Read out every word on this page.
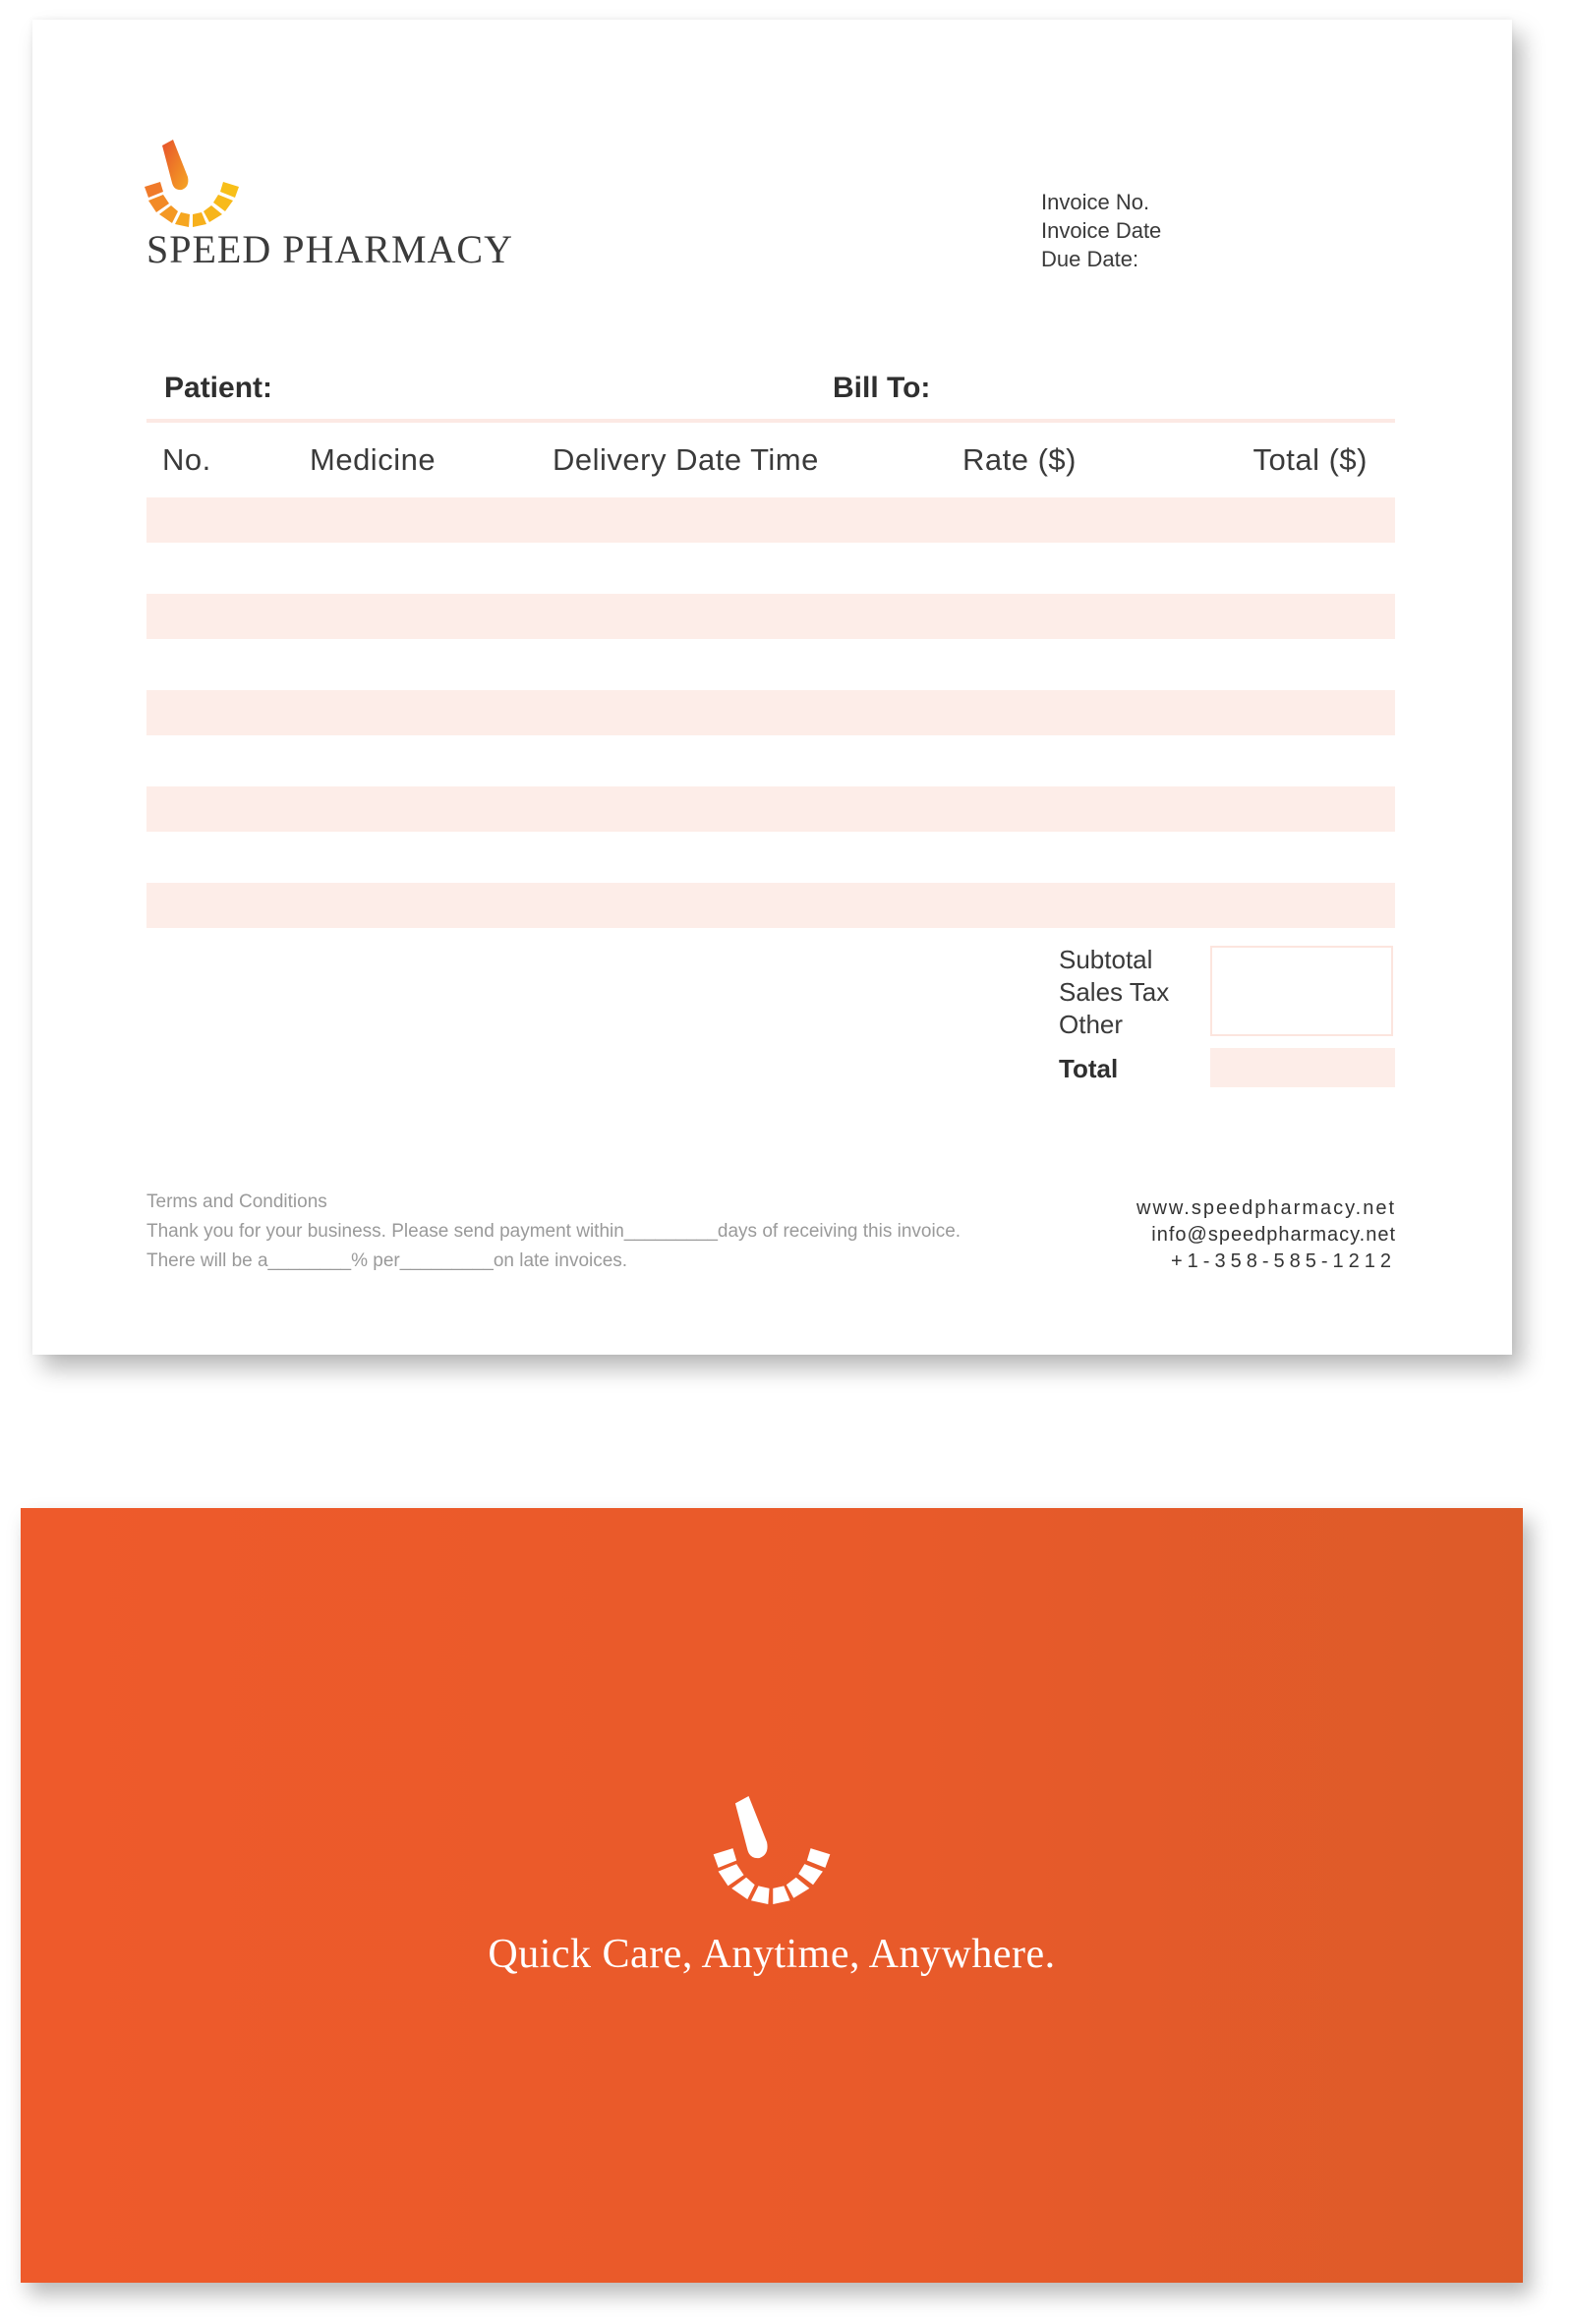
SPEED PHARMACY
Invoice No.
Invoice Date
Due Date:
Patient:	Bill To:
No.	Medicine	Delivery Date Time	Rate ($)	Total ($)
Subtotal
Sales Tax
Other
Total
Terms and Conditions
Thank you for your business. Please send payment within_________days of receiving this invoice.
There will be a________% per_________on late invoices.
www.speedpharmacy.net
info@speedpharmacy.net
+1-358-585-1212
Quick Care, Anytime, Anywhere.
